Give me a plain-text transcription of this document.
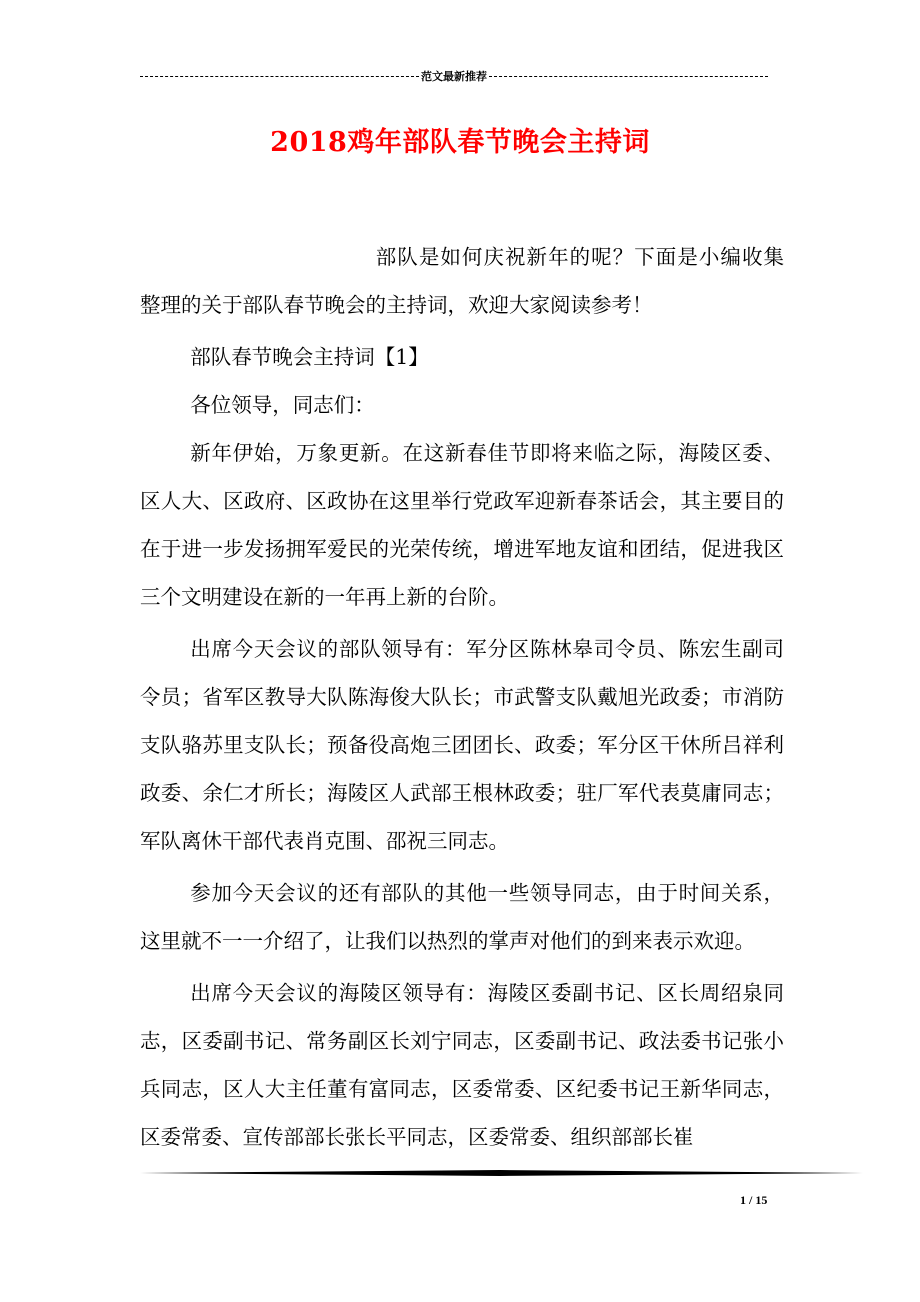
范文最新推荐
2018鸡年部队春节晚会主持词

部队是如何庆祝新年的呢？下面是小编收集整理的关于部队春节晚会的主持词，欢迎大家阅读参考！

部队春节晚会主持词【1】

各位领导，同志们：

新年伊始，万象更新。在这新春佳节即将来临之际，海陵区委、区人大、区政府、区政协在这里举行党政军迎新春茶话会，其主要目的在于进一步发扬拥军爱民的光荣传统，增进军地友谊和团结，促进我区三个文明建设在新的一年再上新的台阶。

出席今天会议的部队领导有：军分区陈林皋司令员、陈宏生副司令员；省军区教导大队陈海俊大队长；市武警支队戴旭光政委；市消防支队骆苏里支队长；预备役高炮三团团长、政委；军分区干休所吕祥利政委、余仁才所长；海陵区人武部王根林政委；驻厂军代表莫庸同志；军队离休干部代表肖克围、邵祝三同志。

参加今天会议的还有部队的其他一些领导同志，由于时间关系，这里就不一一介绍了，让我们以热烈的掌声对他们的到来表示欢迎。

出席今天会议的海陵区领导有：海陵区委副书记、区长周绍泉同志，区委副书记、常务副区长刘宁同志，区委副书记、政法委书记张小兵同志，区人大主任董有富同志，区委常委、区纪委书记王新华同志，区委常委、宣传部部长张长平同志，区委常委、组织部部长崔

1 / 15
